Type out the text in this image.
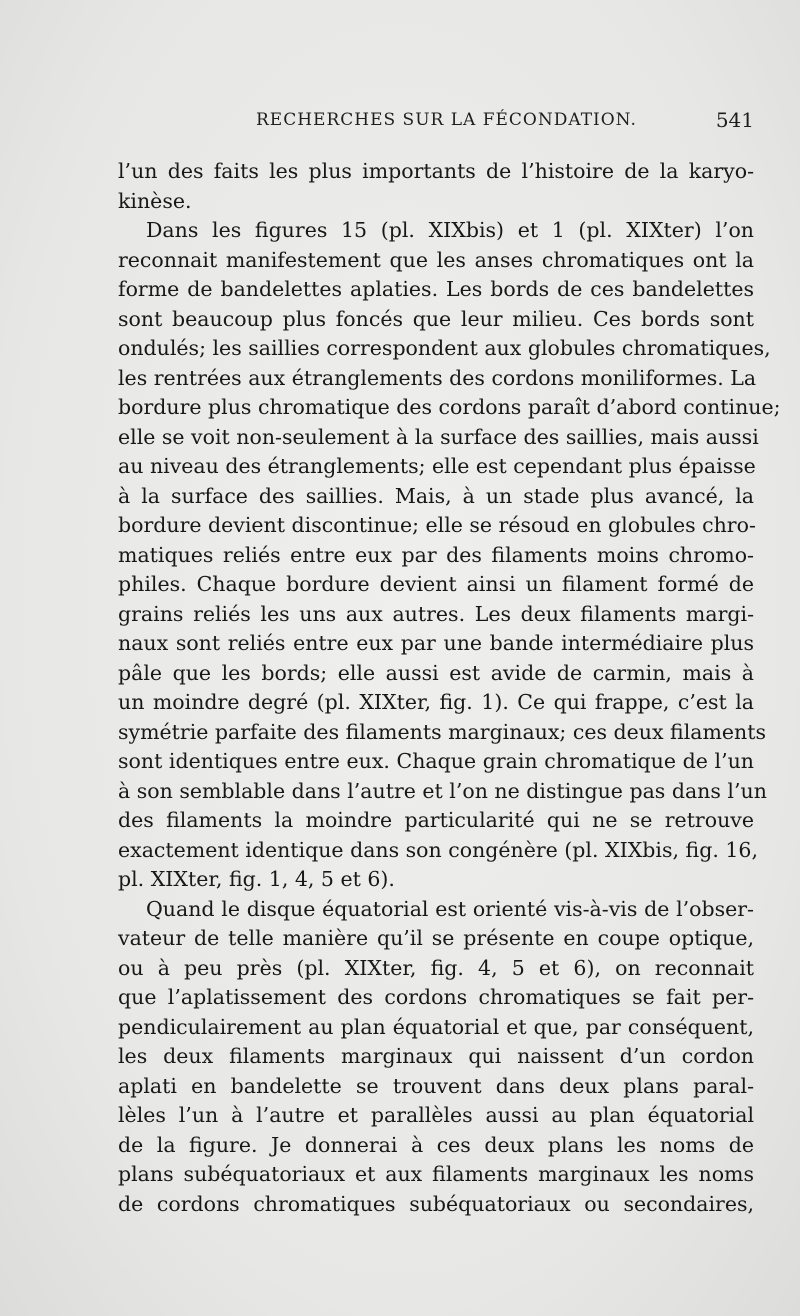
RECHERCHES SUR LA FÉCONDATION.	541
l’un des faits les plus importants de l’histoire de la karyo-
kinèse.
Dans les figures 15 (pl. XIXbis) et 1 (pl. XIXter) l’on
reconnait manifestement que les anses chromatiques ont la
forme de bandelettes aplaties. Les bords de ces bandelettes
sont beaucoup plus foncés que leur milieu. Ces bords sont
ondulés; les saillies correspondent aux globules chromatiques,
les rentrées aux étranglements des cordons moniliformes. La
bordure plus chromatique des cordons paraît d’abord continue;
elle se voit non-seulement à la surface des saillies, mais aussi
au niveau des étranglements; elle est cependant plus épaisse
à la surface des saillies. Mais, à un stade plus avancé, la
bordure devient discontinue; elle se résoud en globules chro-
matiques reliés entre eux par des filaments moins chromo-
philes. Chaque bordure devient ainsi un filament formé de
grains reliés les uns aux autres. Les deux filaments margi-
naux sont reliés entre eux par une bande intermédiaire plus
pâle que les bords; elle aussi est avide de carmin, mais à
un moindre degré (pl. XIXter, fig. 1). Ce qui frappe, c’est la
symétrie parfaite des filaments marginaux; ces deux filaments
sont identiques entre eux. Chaque grain chromatique de l’un
à son semblable dans l’autre et l’on ne distingue pas dans l’un
des filaments la moindre particularité qui ne se retrouve
exactement identique dans son congénère (pl. XIXbis, fig. 16,
pl. XIXter, fig. 1, 4, 5 et 6).
Quand le disque équatorial est orienté vis-à-vis de l’obser-
vateur de telle manière qu’il se présente en coupe optique,
ou à peu près (pl. XIXter, fig. 4, 5 et 6), on reconnait
que l’aplatissement des cordons chromatiques se fait per-
pendiculairement au plan équatorial et que, par conséquent,
les deux filaments marginaux qui naissent d’un cordon
aplati en bandelette se trouvent dans deux plans paral-
lèles l’un à l’autre et parallèles aussi au plan équatorial
de la figure. Je donnerai à ces deux plans les noms de
plans subéquatoriaux et aux filaments marginaux les noms
de cordons chromatiques subéquatoriaux ou secondaires,
